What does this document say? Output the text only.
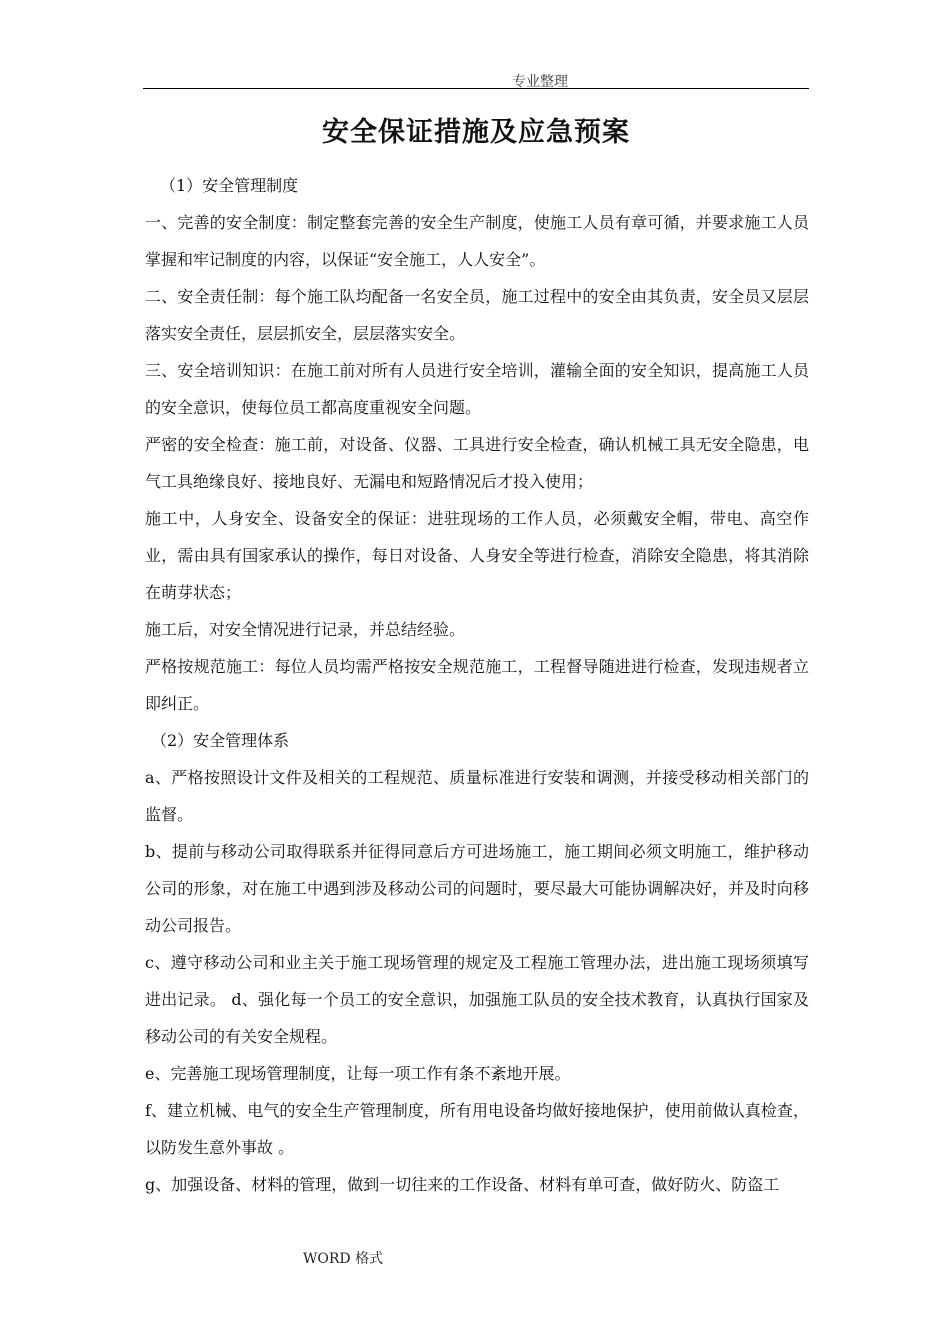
专业整理
安全保证措施及应急预案

（1）安全管理制度

一、完善的安全制度：制定整套完善的安全生产制度，使施工人员有章可循，并要求施工人员掌握和牢记制度的内容，以保证“安全施工，人人安全”。

二、安全责任制：每个施工队均配备一名安全员，施工过程中的安全由其负责，安全员又层层落实安全责任，层层抓安全，层层落实安全。

三、安全培训知识：在施工前对所有人员进行安全培训，灌输全面的安全知识，提高施工人员的安全意识，使每位员工都高度重视安全问题。

严密的安全检查：施工前，对设备、仪器、工具进行安全检查，确认机械工具无安全隐患，电气工具绝缘良好、接地良好、无漏电和短路情况后才投入使用；

施工中，人身安全、设备安全的保证：进驻现场的工作人员，必须戴安全帽，带电、高空作业，需由具有国家承认的操作，每日对设备、人身安全等进行检查，消除安全隐患，将其消除在萌芽状态；

施工后，对安全情况进行记录，并总结经验。

严格按规范施工：每位人员均需严格按安全规范施工，工程督导随进进行检查，发现违规者立即纠正。

（2）安全管理体系

a、严格按照设计文件及相关的工程规范、质量标准进行安装和调测，并接受移动相关部门的监督。

b、提前与移动公司取得联系并征得同意后方可进场施工，施工期间必须文明施工，维护移动公司的形象，对在施工中遇到涉及移动公司的问题时，要尽最大可能协调解决好，并及时向移动公司报告。

c、遵守移动公司和业主关于施工现场管理的规定及工程施工管理办法，进出施工现场须填写进出记录。 d、强化每一个员工的安全意识，加强施工队员的安全技术教育，认真执行国家及移动公司的有关安全规程。

e、完善施工现场管理制度，让每一项工作有条不紊地开展。

f、建立机械、电气的安全生产管理制度，所有用电设备均做好接地保护，使用前做认真检查，以防发生意外事故 。

g、加强设备、材料的管理，做到一切往来的工作设备、材料有单可查，做好防火、防盗工

WORD 格式
